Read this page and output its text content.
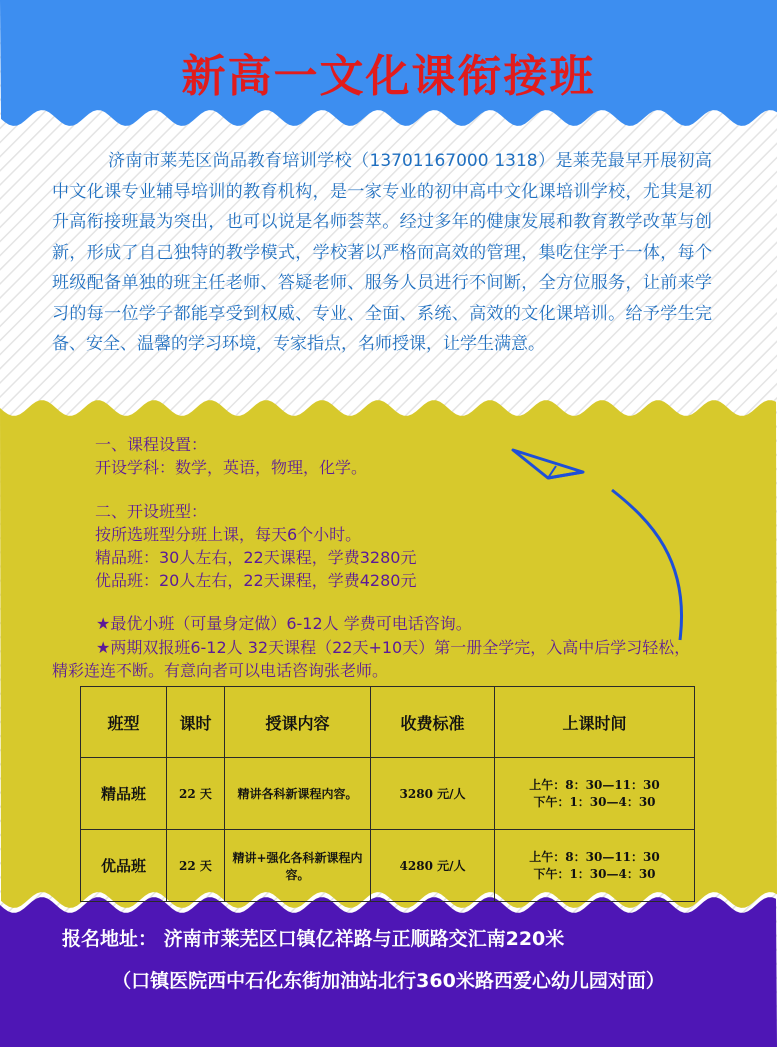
新高一文化课衔接班
济南市莱芜区尚品教育培训学校（13701167000 1318）是莱芜最早开展初高中文化课专业辅导培训的教育机构，是一家专业的初中高中文化课培训学校，尤其是初升高衔接班最为突出，也可以说是名师荟萃。经过多年的健康发展和教育教学改革与创新，形成了自己独特的教学模式，学校著以严格而高效的管理，集吃住学于一体，每个班级配备单独的班主任老师、答疑老师、服务人员进行不间断，全方位服务，让前来学习的每一位学子都能享受到权威、专业、全面、系统、高效的文化课培训。给予学生完备、安全、温馨的学习环境，专家指点，名师授课，让学生满意。
一、课程设置：
开设学科：数学，英语，物理，化学。
二、开设班型：
按所选班型分班上课，每天6个小时。
精品班：30人左右，22天课程，学费3280元
优品班：20人左右，22天课程，学费4280元
★最优小班（可量身定做）6-12人 学费可电话咨询。
★两期双报班6-12人 32天课程（22天+10天）第一册全学完，入高中后学习轻松，精彩连连不断。有意向者可以电话咨询张老师。
班型	课时	授课内容	收费标准	上课时间
精品班	22 天	精讲各科新课程内容。	3280 元/人	上午：8：30—11：30
下午：1：30—4：30

优品班	22 天	精讲+强化各科新课程内容。	4280 元/人	上午：8：30—11：30
下午：1：30—4：30
报名地址： 济南市莱芜区口镇亿祥路与正顺路交汇南220米
（口镇医院西中石化东街加油站北行360米路西爱心幼儿园对面）
